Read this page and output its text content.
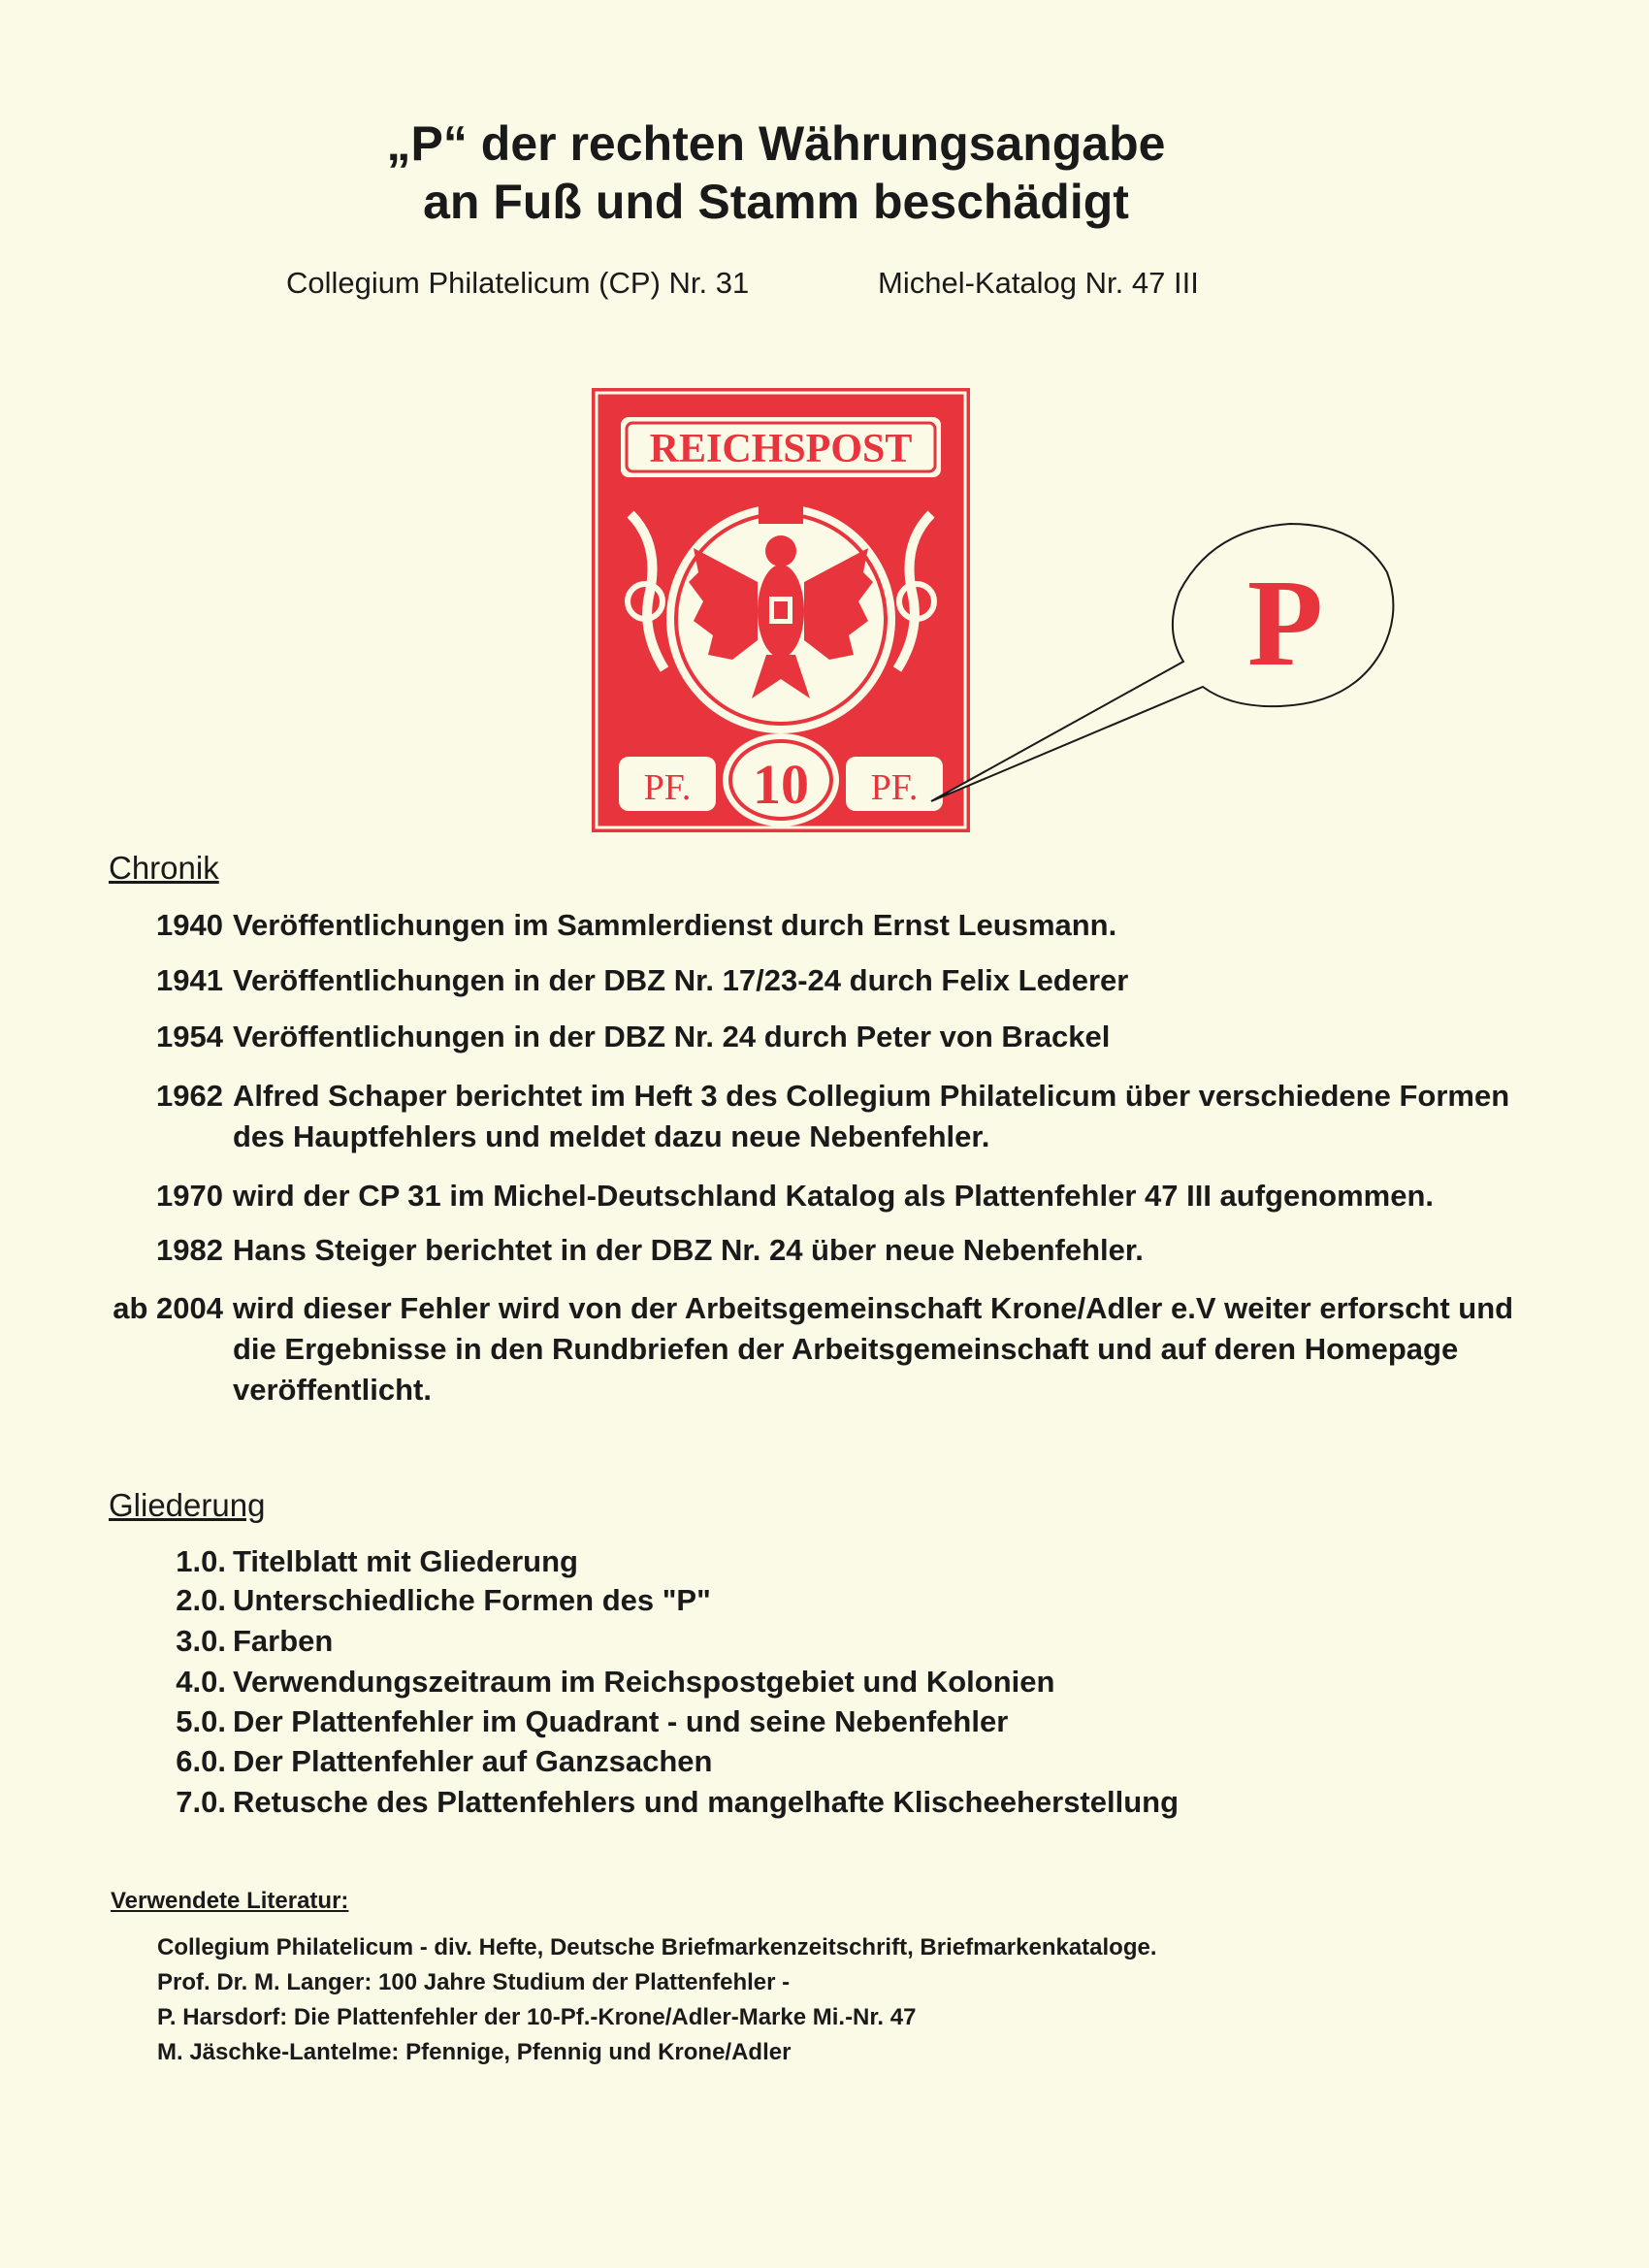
„P“ der rechten Währungsangabe
an Fuß und Stamm beschädigt
Collegium Philatelicum (CP) Nr. 31	Michel-Katalog Nr. 47 III
REICHSPOST
PF. 10 PF.
P
Chronik
1940 Veröffentlichungen im Sammlerdienst durch Ernst Leusmann.
1941 Veröffentlichungen in der DBZ Nr. 17/23-24 durch Felix Lederer
1954 Veröffentlichungen in der DBZ Nr. 24 durch Peter von Brackel
1962 Alfred Schaper berichtet im Heft 3 des Collegium Philatelicum über verschiedene Formen des Hauptfehlers und meldet dazu neue Nebenfehler.
1970 wird der CP 31 im Michel-Deutschland Katalog als Plattenfehler 47 III aufgenommen.
1982 Hans Steiger berichtet in der DBZ Nr. 24 über neue Nebenfehler.
ab 2004 wird dieser Fehler wird von der Arbeitsgemeinschaft Krone/Adler e.V weiter erforscht und die Ergebnisse in den Rundbriefen der Arbeitsgemeinschaft und auf deren Homepage veröffentlicht.
Gliederung
1.0. Titelblatt mit Gliederung
2.0. Unterschiedliche Formen des "P"
3.0. Farben
4.0. Verwendungszeitraum im Reichspostgebiet und Kolonien
5.0. Der Plattenfehler im Quadrant - und seine Nebenfehler
6.0. Der Plattenfehler auf Ganzsachen
7.0. Retusche des Plattenfehlers und mangelhafte Klischeeherstellung
Verwendete Literatur:
Collegium Philatelicum - div. Hefte, Deutsche Briefmarkenzeitschrift, Briefmarkenkataloge.
Prof. Dr. M. Langer: 100 Jahre Studium der Plattenfehler -
P. Harsdorf: Die Plattenfehler der 10-Pf.-Krone/Adler-Marke Mi.-Nr. 47
M. Jäschke-Lantelme: Pfennige, Pfennig und Krone/Adler
